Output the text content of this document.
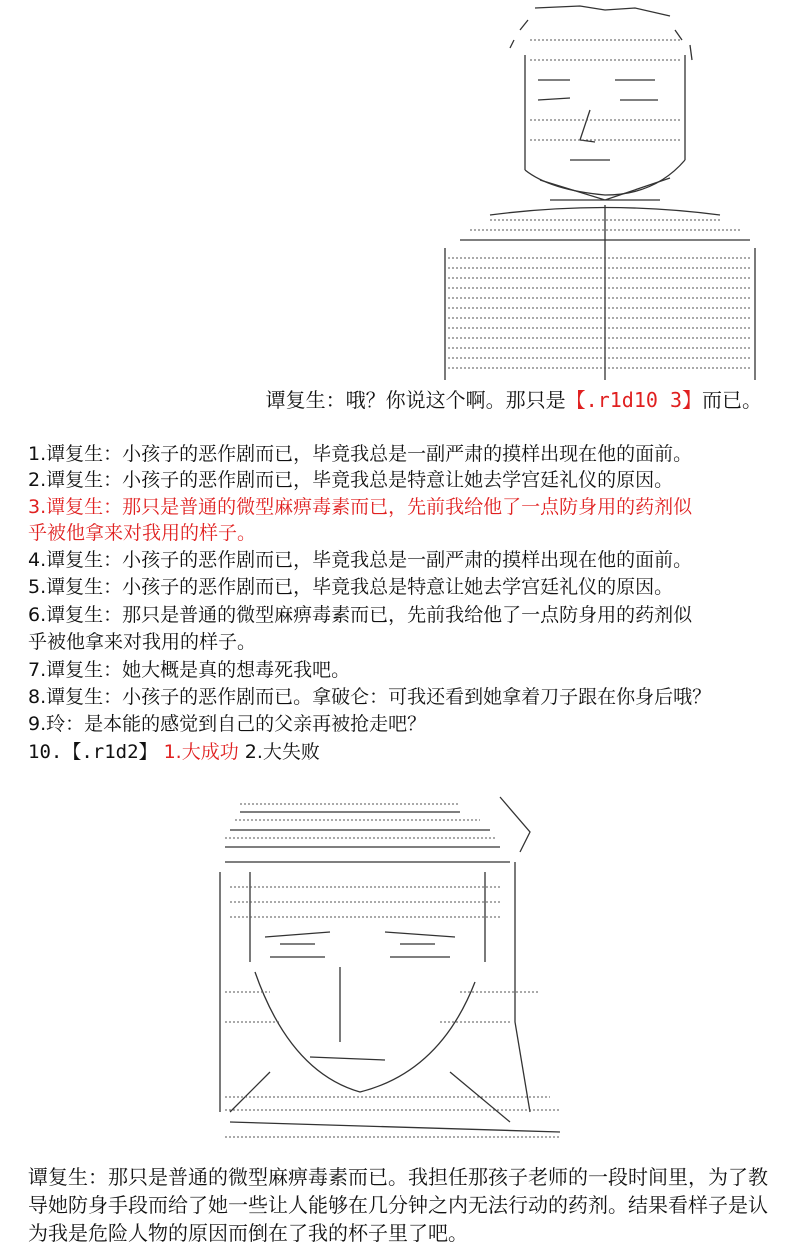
谭复生：哦？你说这个啊。那只是【.r1d10 3】而已。
1.谭复生：小孩子的恶作剧而已，毕竟我总是一副严肃的摸样出现在他的面前。
2.谭复生：小孩子的恶作剧而已，毕竟我总是特意让她去学宫廷礼仪的原因。
3.谭复生：那只是普通的微型麻痹毒素而已，先前我给他了一点防身用的药剂似
乎被他拿来对我用的样子。
4.谭复生：小孩子的恶作剧而已，毕竟我总是一副严肃的摸样出现在他的面前。
5.谭复生：小孩子的恶作剧而已，毕竟我总是特意让她去学宫廷礼仪的原因。
6.谭复生：那只是普通的微型麻痹毒素而已，先前我给他了一点防身用的药剂似
乎被他拿来对我用的样子。
7.谭复生：她大概是真的想毒死我吧。
8.谭复生：小孩子的恶作剧而已。拿破仑：可我还看到她拿着刀子跟在你身后哦？
9.玲：是本能的感觉到自己的父亲再被抢走吧？
10.【.r1d2】 1.大成功 2.大失败
谭复生：那只是普通的微型麻痹毒素而已。我担任那孩子老师的一段时间里，为了教导她防身手段而给了她一些让人能够在几分钟之内无法行动的药剂。结果看样子是认为我是危险人物的原因而倒在了我的杯子里了吧。
